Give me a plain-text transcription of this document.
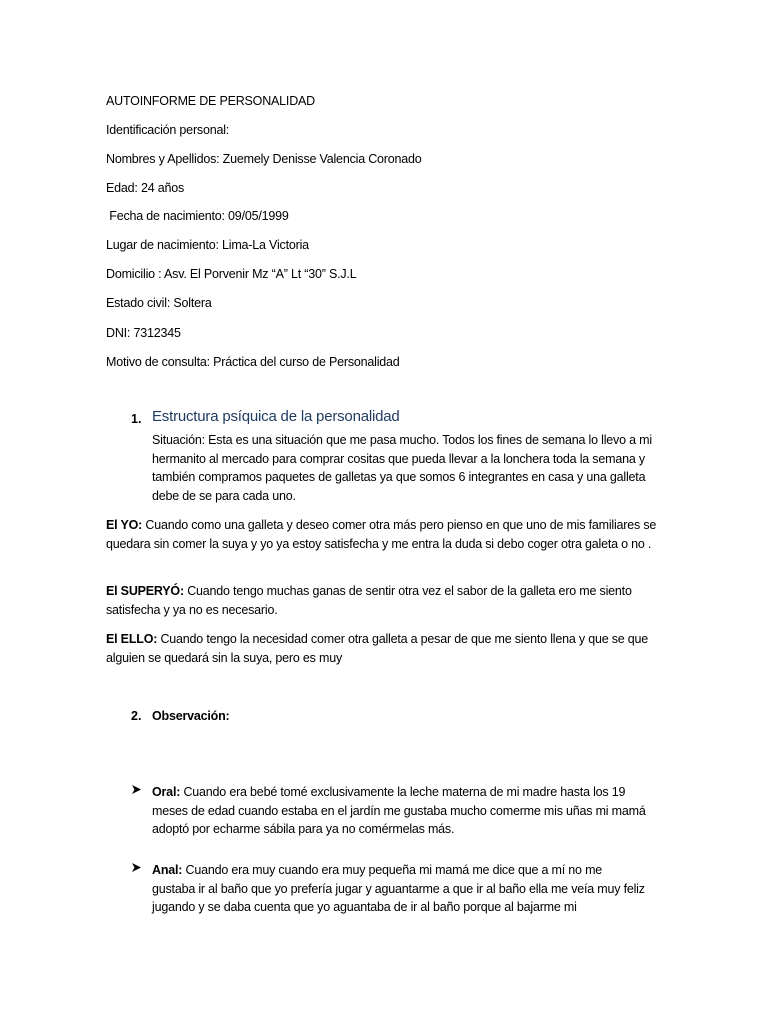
AUTOINFORME DE PERSONALIDAD
Identificación personal:
Nombres y Apellidos: Zuemely Denisse Valencia Coronado
Edad: 24 años
Fecha de nacimiento: 09/05/1999
Lugar de nacimiento: Lima-La Victoria
Domicilio : Asv. El Porvenir Mz “A” Lt “30” S.J.L
Estado civil: Soltera
DNI: 7312345
Motivo de consulta: Práctica del curso de Personalidad
1. Estructura psíquica de la personalidad
Situación: Esta es una situación que me pasa mucho. Todos los fines de semana lo llevo a mi hermanito al mercado para comprar cositas que pueda llevar a la lonchera toda la semana y también compramos paquetes de galletas ya que somos 6 integrantes en casa y una galleta debe de se para cada uno.
El YO: Cuando como una galleta y deseo comer otra más pero pienso en que uno de mis familiares se quedara sin comer la suya y yo ya estoy satisfecha y me entra la duda si debo coger otra galeta o no .
El SUPERYÓ: Cuando tengo muchas ganas de sentir otra vez el sabor de la galleta ero me siento satisfecha y ya no es necesario.
El ELLO: Cuando tengo la necesidad comer otra galleta a pesar de que me siento llena y que se que alguien se quedará sin la suya, pero es muy
2. Observación:
Oral: Cuando era bebé tomé exclusivamente la leche materna de mi madre hasta los 19 meses de edad cuando estaba en el jardín me gustaba mucho comerme mis uñas mi mamá adoptó por echarme sábila para ya no comérmelas más.
Anal: Cuando era muy cuando era muy pequeña mi mamá me dice que a mí no me gustaba ir al baño que yo prefería jugar y aguantarme a que ir al baño ella me veía muy feliz jugando y se daba cuenta que yo aguantaba de ir al baño porque al bajarme mi
